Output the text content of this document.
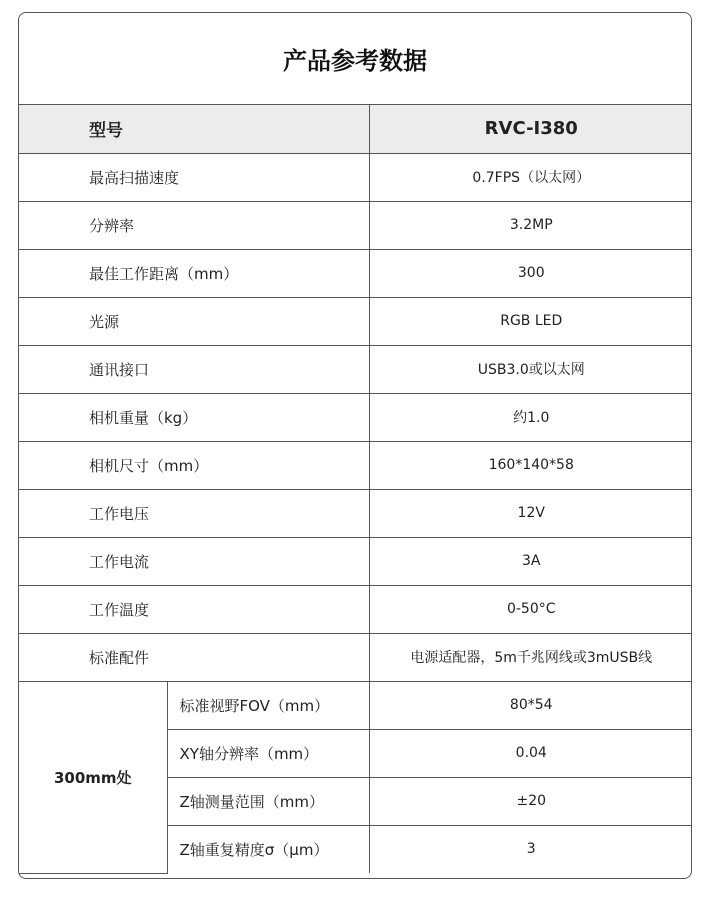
产品参考数据
型号		RVC-I380
最高扫描速度		0.7FPS（以太网）
分辨率		3.2MP
最佳工作距离（mm）		300
光源		RGB LED
通讯接口		USB3.0或以太网
相机重量（kg）		约1.0
相机尺寸（mm）		160*140*58
工作电压		12V
工作电流		3A
工作温度		0-50°C
标准配件		电源适配器，5m千兆网线或3mUSB线
300mm处	标准视野FOV（mm）	80*54
	XY轴分辨率（mm）	0.04
	Z轴测量范围（mm）	±20
	Z轴重复精度σ（μm）	3
